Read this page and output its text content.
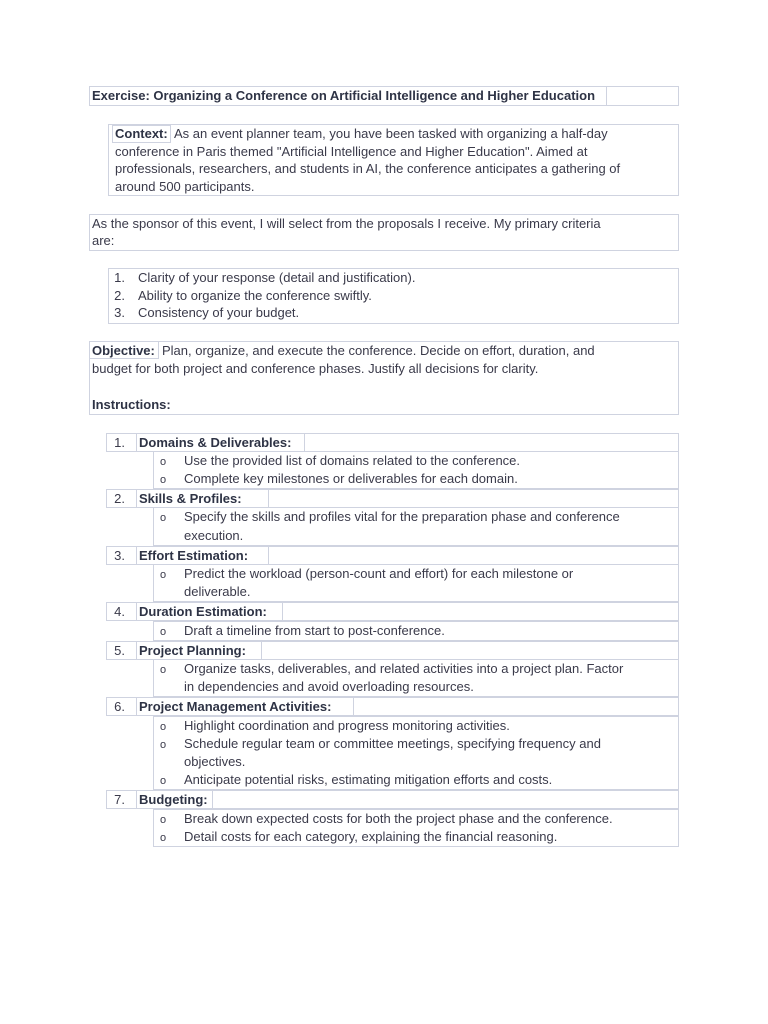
Exercise: Organizing a Conference on Artificial Intelligence and Higher Education
Context: As an event planner team, you have been tasked with organizing a half-day
conference in Paris themed "Artificial Intelligence and Higher Education". Aimed at
professionals, researchers, and students in AI, the conference anticipates a gathering of
around 500 participants.
As the sponsor of this event, I will select from the proposals I receive. My primary criteria
are:
1. Clarity of your response (detail and justification).
2. Ability to organize the conference swiftly.
3. Consistency of your budget.
Objective: Plan, organize, and execute the conference. Decide on effort, duration, and
budget for both project and conference phases. Justify all decisions for clarity.
Instructions:
1. Domains & Deliverables:
o Use the provided list of domains related to the conference.
o Complete key milestones or deliverables for each domain.
2. Skills & Profiles:
o Specify the skills and profiles vital for the preparation phase and conference
execution.
3. Effort Estimation:
o Predict the workload (person-count and effort) for each milestone or
deliverable.
4. Duration Estimation:
o Draft a timeline from start to post-conference.
5. Project Planning:
o Organize tasks, deliverables, and related activities into a project plan. Factor
in dependencies and avoid overloading resources.
6. Project Management Activities:
o Highlight coordination and progress monitoring activities.
o Schedule regular team or committee meetings, specifying frequency and
objectives.
o Anticipate potential risks, estimating mitigation efforts and costs.
7. Budgeting:
o Break down expected costs for both the project phase and the conference.
o Detail costs for each category, explaining the financial reasoning.
